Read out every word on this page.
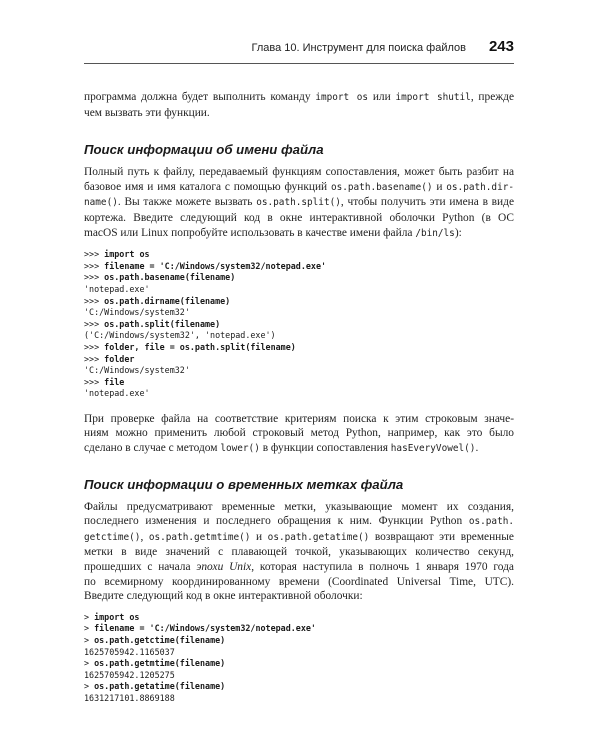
Глава 10. Инструмент для поиска файлов 243

программа должна будет выполнить команду import os или import shutil, прежде
чем вызвать эти функции.

Поиск информации об имени файла

Полный путь к файлу, передаваемый функциям сопоставления, может быть разбит на
базовое имя и имя каталога с помощью функций os.path.basename() и os.path.dir-
name(). Вы также можете вызвать os.path.split(), чтобы получить эти имена в виде
кортежа. Введите следующий код в окне интерактивной оболочки Python (в ОС
macOS или Linux попробуйте использовать в качестве имени файла /bin/ls):

>>> import os
>>> filename = 'C:/Windows/system32/notepad.exe'
>>> os.path.basename(filename)
'notepad.exe'
>>> os.path.dirname(filename)
'C:/Windows/system32'
>>> os.path.split(filename)
('C:/Windows/system32', 'notepad.exe')
>>> folder, file = os.path.split(filename)
>>> folder
'C:/Windows/system32'
>>> file
'notepad.exe'

При проверке файла на соответствие критериям поиска к этим строковым значе-
ниям можно применить любой строковый метод Python, например, как это было
сделано в случае с методом lower() в функции сопоставления hasEveryVowel().

Поиск информации о временных метках файла

Файлы предусматривают временные метки, указывающие момент их создания,
последнего изменения и последнего обращения к ним. Функции Python os.path.
getctime(), os.path.getmtime() и os.path.getatime() возвращают эти временные
метки в виде значений с плавающей точкой, указывающих количество секунд,
прошедших с начала эпохи Unix, которая наступила в полночь 1 января 1970 года
по всемирному координированному времени (Coordinated Universal Time, UTC).
Введите следующий код в окне интерактивной оболочки:

> import os
> filename = 'C:/Windows/system32/notepad.exe'
> os.path.getctime(filename)
1625705942.1165037
> os.path.getmtime(filename)
1625705942.1205275
> os.path.getatime(filename)
1631217101.8869188
